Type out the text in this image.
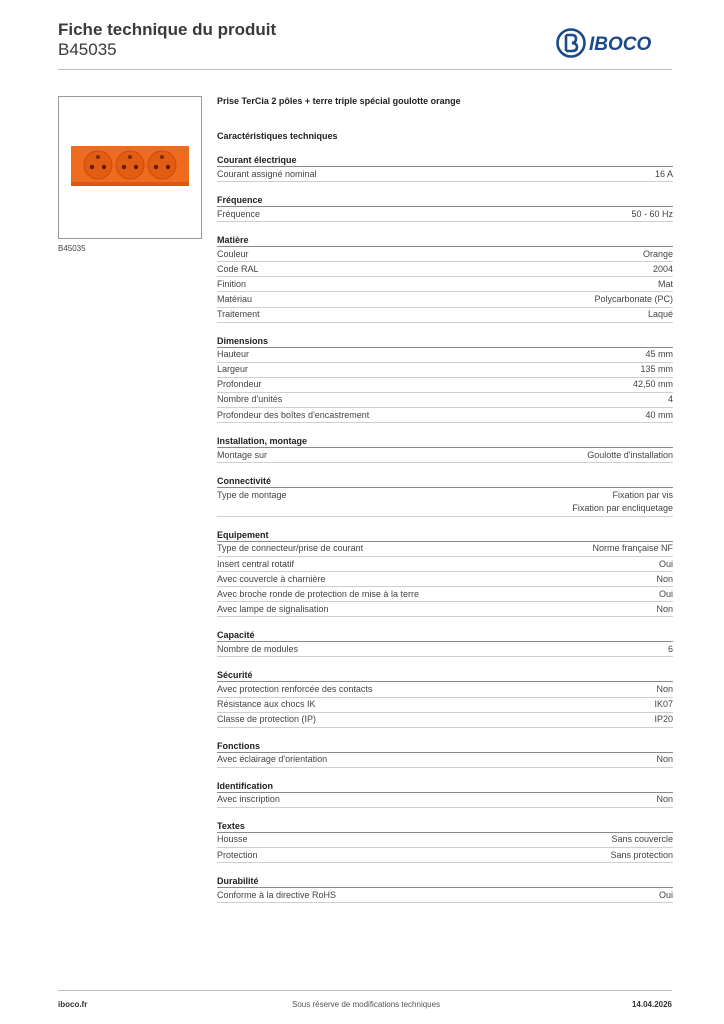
Fiche technique du produit
B45035	IBOCO
B45035
Prise TerCia 2 pôles + terre triple spécial goulotte orange
Caractéristiques techniques
Courant électrique
Courant assigné nominal	16 A
Fréquence
Fréquence	50 - 60 Hz
Matière
Couleur	Orange
Code RAL	2004
Finition	Mat
Matériau	Polycarbonate (PC)
Traitement	Laqué
Dimensions
Hauteur	45 mm
Largeur	135 mm
Profondeur	42,50 mm
Nombre d'unités	4
Profondeur des boîtes d'encastrement	40 mm
Installation, montage
Montage sur	Goulotte d'installation
Connectivité
Type de montage	Fixation par vis
Fixation par encliquetage
Equipement
Type de connecteur/prise de courant	Norme française NF
Insert central rotatif	Oui
Avec couvercle à charnière	Non
Avec broche ronde de protection de mise à la terre	Oui
Avec lampe de signalisation	Non
Capacité
Nombre de modules	6
Sécurité
Avec protection renforcée des contacts	Non
Résistance aux chocs IK	IK07
Classe de protection (IP)	IP20
Fonctions
Avec éclairage d'orientation	Non
Identification
Avec inscription	Non
Textes
Housse	Sans couvercle
Protection	Sans protection
Durabilité
Conforme à la directive RoHS	Oui
iboco.fr	Sous réserve de modifications techniques	14.04.2026
